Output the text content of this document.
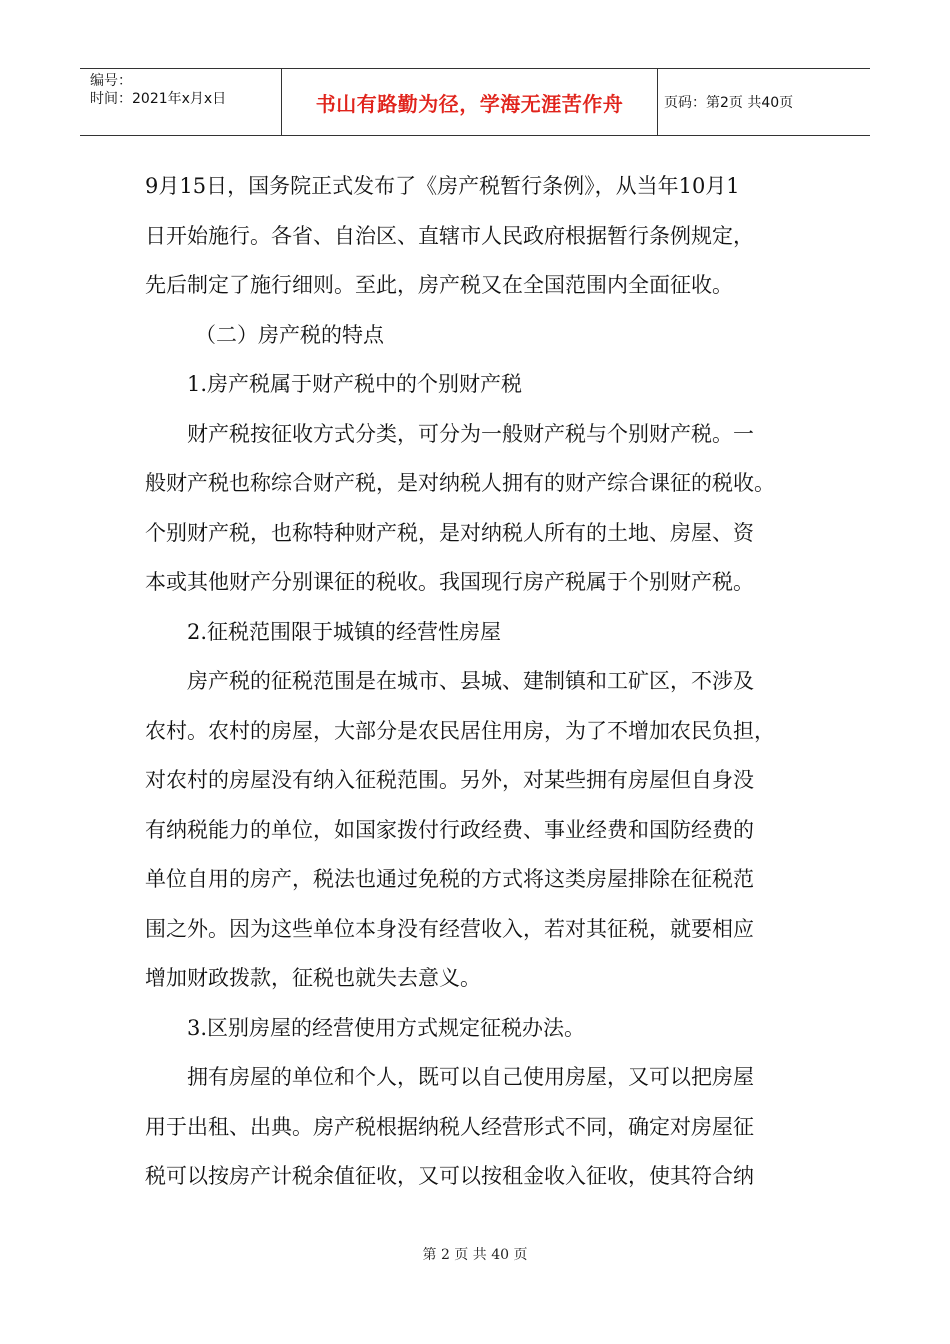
编号：
时间：2021年x月x日	书山有路勤为径，学海无涯苦作舟	页码：第2页 共40页
9月15日，国务院正式发布了《房产税暂行条例》，从当年10月1
日开始施行。各省、自治区、直辖市人民政府根据暂行条例规定，
先后制定了施行细则。至此，房产税又在全国范围内全面征收。
（二）房产税的特点
1.房产税属于财产税中的个别财产税
财产税按征收方式分类，可分为一般财产税与个别财产税。一
般财产税也称综合财产税，是对纳税人拥有的财产综合课征的税收。
个别财产税，也称特种财产税，是对纳税人所有的土地、房屋、资
本或其他财产分别课征的税收。我国现行房产税属于个别财产税。
2.征税范围限于城镇的经营性房屋
房产税的征税范围是在城市、县城、建制镇和工矿区，不涉及
农村。农村的房屋，大部分是农民居住用房，为了不增加农民负担，
对农村的房屋没有纳入征税范围。另外，对某些拥有房屋但自身没
有纳税能力的单位，如国家拨付行政经费、事业经费和国防经费的
单位自用的房产，税法也通过免税的方式将这类房屋排除在征税范
围之外。因为这些单位本身没有经营收入，若对其征税，就要相应
增加财政拨款，征税也就失去意义。
3.区别房屋的经营使用方式规定征税办法。
拥有房屋的单位和个人，既可以自己使用房屋，又可以把房屋
用于出租、出典。房产税根据纳税人经营形式不同，确定对房屋征
税可以按房产计税余值征收，又可以按租金收入征收，使其符合纳
第 2 页 共 40 页
